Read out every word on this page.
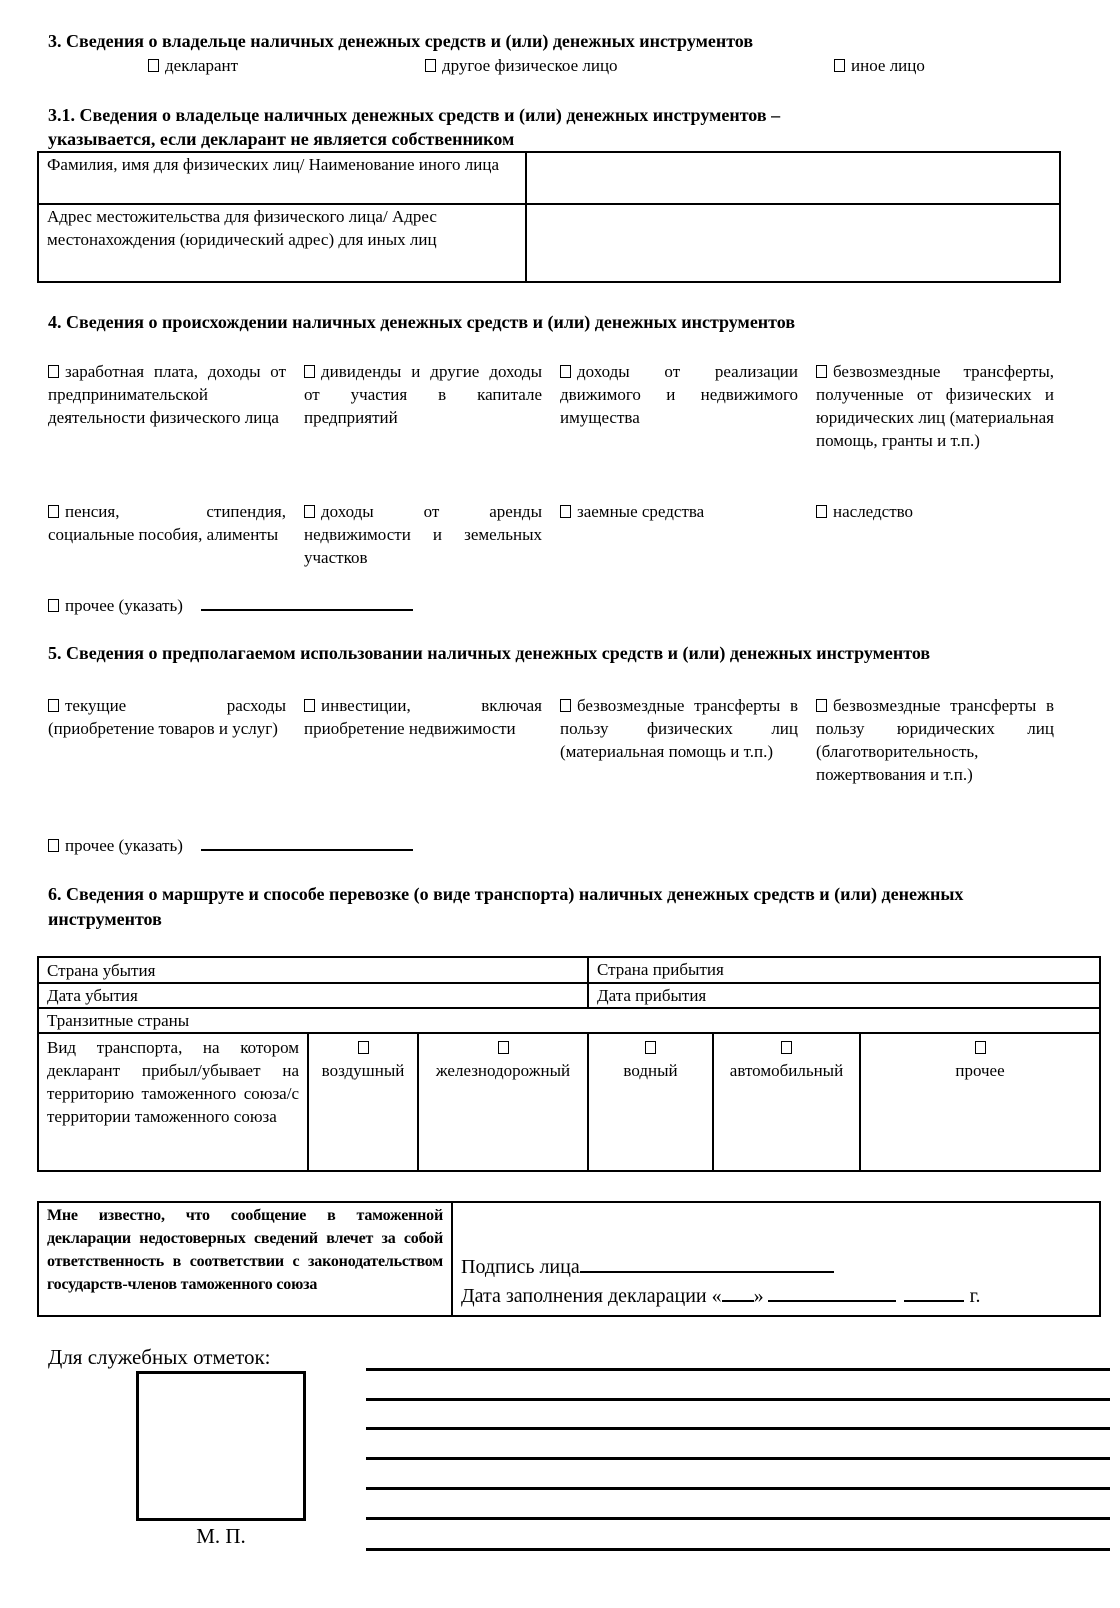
3. Сведения о владельце наличных денежных средств и (или) денежных инструментов
декларант	другое физическое лицо	иное лицо
3.1. Сведения о владельце наличных денежных средств и (или) денежных инструментов –
указывается, если декларант не является собственником
Фамилия, имя для физических лиц/ Наименование иного лица	
Адрес местожительства для физического лица/ Адрес местонахождения (юридический адрес) для иных лиц	
4. Сведения о происхождении наличных денежных средств и (или) денежных инструментов
заработная плата, доходы от предпринимательской деятельности физического лица
дивиденды и другие доходы от участия в капитале предприятий
доходы от реализации движимого и недвижимого имущества
безвозмездные трансферты, полученные от физических и юридических лиц (материальная помощь, гранты и т.п.)
пенсия, стипендия, социальные пособия, алименты
доходы от аренды недвижимости и земельных участков
заемные средства	наследство
прочее (указать)
5. Сведения о предполагаемом использовании наличных денежных средств и (или) денежных инструментов
текущие расходы (приобретение товаров и услуг)
инвестиции, включая приобретение недвижимости
безвозмездные трансферты в пользу физических лиц (материальная помощь и т.п.)
безвозмездные трансферты в пользу юридических лиц (благотворительность, пожертвования и т.п.)
прочее (указать)
6. Сведения о маршруте и способе перевозке (о виде транспорта) наличных денежных средств и (или) денежных инструментов
Страна убытия			Страна прибытия		
Дата убытия			Дата прибытия		
Транзитные страны					
Вид транспорта, на котором декларант прибыл/убывает на территорию таможенного союза/с территории таможенного союза	воздушный	железнодорожный	водный	автомобильный	прочее
Мне известно, что сообщение в таможенной декларации недостоверных сведений влечет за собой ответственность в соответствии с законодательством государств-членов таможенного союза	
Подпись лица
Дата заполнения декларации « »	г.
Для служебных отметок:
М. П.
